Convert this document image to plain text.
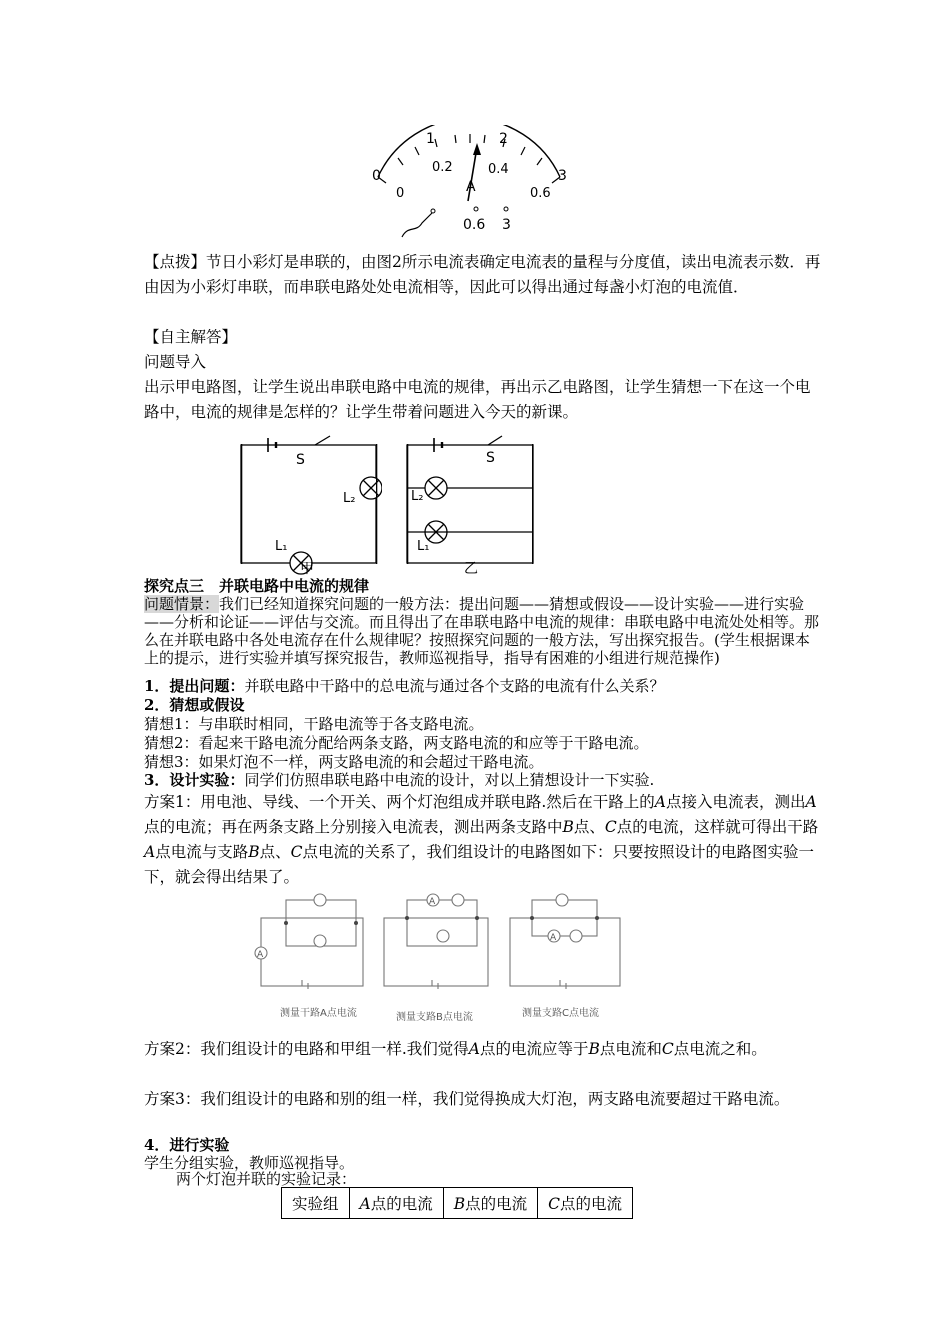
0
1	2
3
0
0.2	0.4
0.6
A
0.6 3

【点拨】节日小彩灯是串联的，由图2所示电流表确定电流表的量程与分度值，读出电流表示数．再由因为小彩灯串联，而串联电路处处电流相等，因此可以得出通过每盏小灯泡的电流值．

【自主解答】

问题导入

出示甲电路图，让学生说出串联电路中电流的规律，再出示乙电路图，让学生猜想一下在这一个电路中，电流的规律是怎样的？让学生带着问题进入今天的新课。

S	S
L₂
L₁
L₂
L₁
甲	乙

探究点三　并联电路中电流的规律

问题情景：我们已经知道探究问题的一般方法：提出问题——猜想或假设——设计实验——进行实验——分析和论证——评估与交流。而且得出了在串联电路中电流的规律：串联电路中电流处处相等。那么在并联电路中各处电流存在什么规律呢？按照探究问题的一般方法，写出探究报告。(学生根据课本上的提示，进行实验并填写探究报告，教师巡视指导，指导有困难的小组进行规范操作)

1．提出问题：并联电路中干路中的总电流与通过各个支路的电流有什么关系？

2．猜想或假设

猜想1：与串联时相同，干路电流等于各支路电流。

猜想2：看起来干路电流分配给两条支路，两支路电流的和应等于干路电流。

猜想3：如果灯泡不一样，两支路电流的和会超过干路电流。

3．设计实验：同学们仿照串联电路中电流的设计，对以上猜想设计一下实验.

方案1：用电池、导线、一个开关、两个灯泡组成并联电路.然后在干路上的A点接入电流表，测出A点的电流；再在两条支路上分别接入电流表，测出两条支路中B点、C点的电流，这样就可得出干路A点电流与支路B点、C点电流的关系了，我们组设计的电路图如下：只要按照设计的电路图实验一下，就会得出结果了。

A
A
A
测量干路A点电流	测量支路B点电流	测量支路C点电流

方案2：我们组设计的电路和甲组一样.我们觉得A点的电流应等于B点电流和C点电流之和。

方案3：我们组设计的电路和别的组一样，我们觉得换成大灯泡，两支路电流要超过干路电流。

4．进行实验

学生分组实验，教师巡视指导。

两个灯泡并联的实验记录：

实验组	A点的电流	B点的电流	C点的电流
